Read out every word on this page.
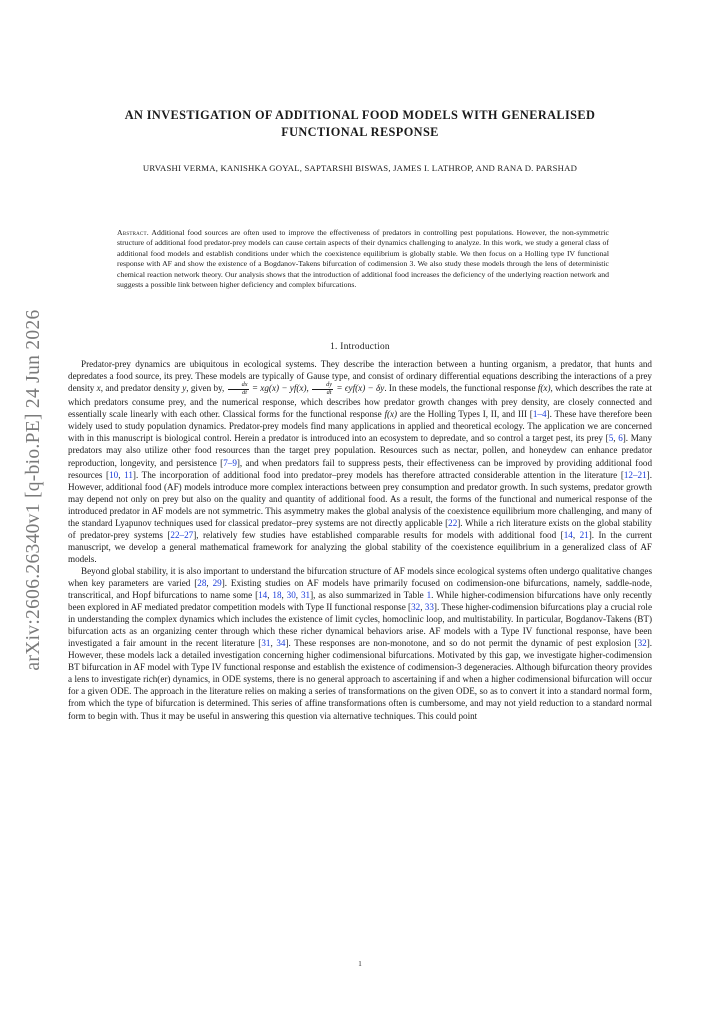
arXiv:2606.26340v1 [q-bio.PE] 24 Jun 2026
AN INVESTIGATION OF ADDITIONAL FOOD MODELS WITH GENERALISED
FUNCTIONAL RESPONSE
URVASHI VERMA, KANISHKA GOYAL, SAPTARSHI BISWAS, JAMES I. LATHROP, AND RANA D. PARSHAD
Abstract. Additional food sources are often used to improve the effectiveness of predators in controlling pest populations. However, the non-symmetric structure of additional food predator-prey models can cause certain aspects of their dynamics challenging to analyze. In this work, we study a general class of additional food models and establish conditions under which the coexistence equilibrium is globally stable. We then focus on a Holling type IV functional response with AF and show the existence of a Bogdanov-Takens bifurcation of codimension 3. We also study these models through the lens of deterministic chemical reaction network theory. Our analysis shows that the introduction of additional food increases the deficiency of the underlying reaction network and suggests a possible link between higher deficiency and complex bifurcations.
1. Introduction

Predator-prey dynamics are ubiquitous in ecological systems. They describe the interaction between a hunting organism, a predator, that hunts and depredates a food source, its prey. These models are typically of Gause type, and consist of ordinary differential equations describing the interactions of a prey density x, and predator density y, given by, $\frac{dx}{dt} = xg(x) - yf(x)$, $\frac{dy}{dt} = \epsilon yf(x) - \delta y$. In these models, the functional response f(x), which describes the rate at which predators consume prey, and the numerical response, which describes how predator growth changes with prey density, are closely connected and essentially scale linearly with each other. Classical forms for the functional response f(x) are the Holling Types I, II, and III [1–4]. These have therefore been widely used to study population dynamics. Predator-prey models find many applications in applied and theoretical ecology. The application we are concerned with in this manuscript is biological control. Herein a predator is introduced into an ecosystem to depredate, and so control a target pest, its prey [5, 6]. Many predators may also utilize other food resources than the target prey population. Resources such as nectar, pollen, and honeydew can enhance predator reproduction, longevity, and persistence [7–9], and when predators fail to suppress pests, their effectiveness can be improved by providing additional food resources [10, 11]. The incorporation of additional food into predator–prey models has therefore attracted considerable attention in the literature [12–21]. However, additional food (AF) models introduce more complex interactions between prey consumption and predator growth. In such systems, predator growth may depend not only on prey but also on the quality and quantity of additional food. As a result, the forms of the functional and numerical response of the introduced predator in AF models are not symmetric. This asymmetry makes the global analysis of the coexistence equilibrium more challenging, and many of the standard Lyapunov techniques used for classical predator–prey systems are not directly applicable [22]. While a rich literature exists on the global stability of predator-prey systems [22–27], relatively few studies have established comparable results for models with additional food [14, 21]. In the current manuscript, we develop a general mathematical framework for analyzing the global stability of the coexistence equilibrium in a generalized class of AF models.

Beyond global stability, it is also important to understand the bifurcation structure of AF models since ecological systems often undergo qualitative changes when key parameters are varied [28, 29]. Existing studies on AF models have primarily focused on codimension-one bifurcations, namely, saddle-node, transcritical, and Hopf bifurcations to name some [14, 18, 30, 31], as also summarized in Table 1. While higher-codimension bifurcations have only recently been explored in AF mediated predator competition models with Type II functional response [32, 33]. These higher-codimension bifurcations play a crucial role in understanding the complex dynamics which includes the existence of limit cycles, homoclinic loop, and multistability. In particular, Bogdanov-Takens (BT) bifurcation acts as an organizing center through which these richer dynamical behaviors arise. AF models with a Type IV functional response, have been investigated a fair amount in the recent literature [31, 34]. These responses are non-monotone, and so do not permit the dynamic of pest explosion [32]. However, these models lack a detailed investigation concerning higher codimensional bifurcations. Motivated by this gap, we investigate higher-codimension BT bifurcation in AF model with Type IV functional response and establish the existence of codimension-3 degeneracies. Although bifurcation theory provides a lens to investigate rich(er) dynamics, in ODE systems, there is no general approach to ascertaining if and when a higher codimensional bifurcation will occur for a given ODE. The approach in the literature relies on making a series of transformations on the given ODE, so as to convert it into a standard normal form, from which the type of bifurcation is determined. This series of affine transformations often is cumbersome, and may not yield reduction to a standard normal form to begin with. Thus it may be useful in answering this question via alternative techniques. This could point

1
